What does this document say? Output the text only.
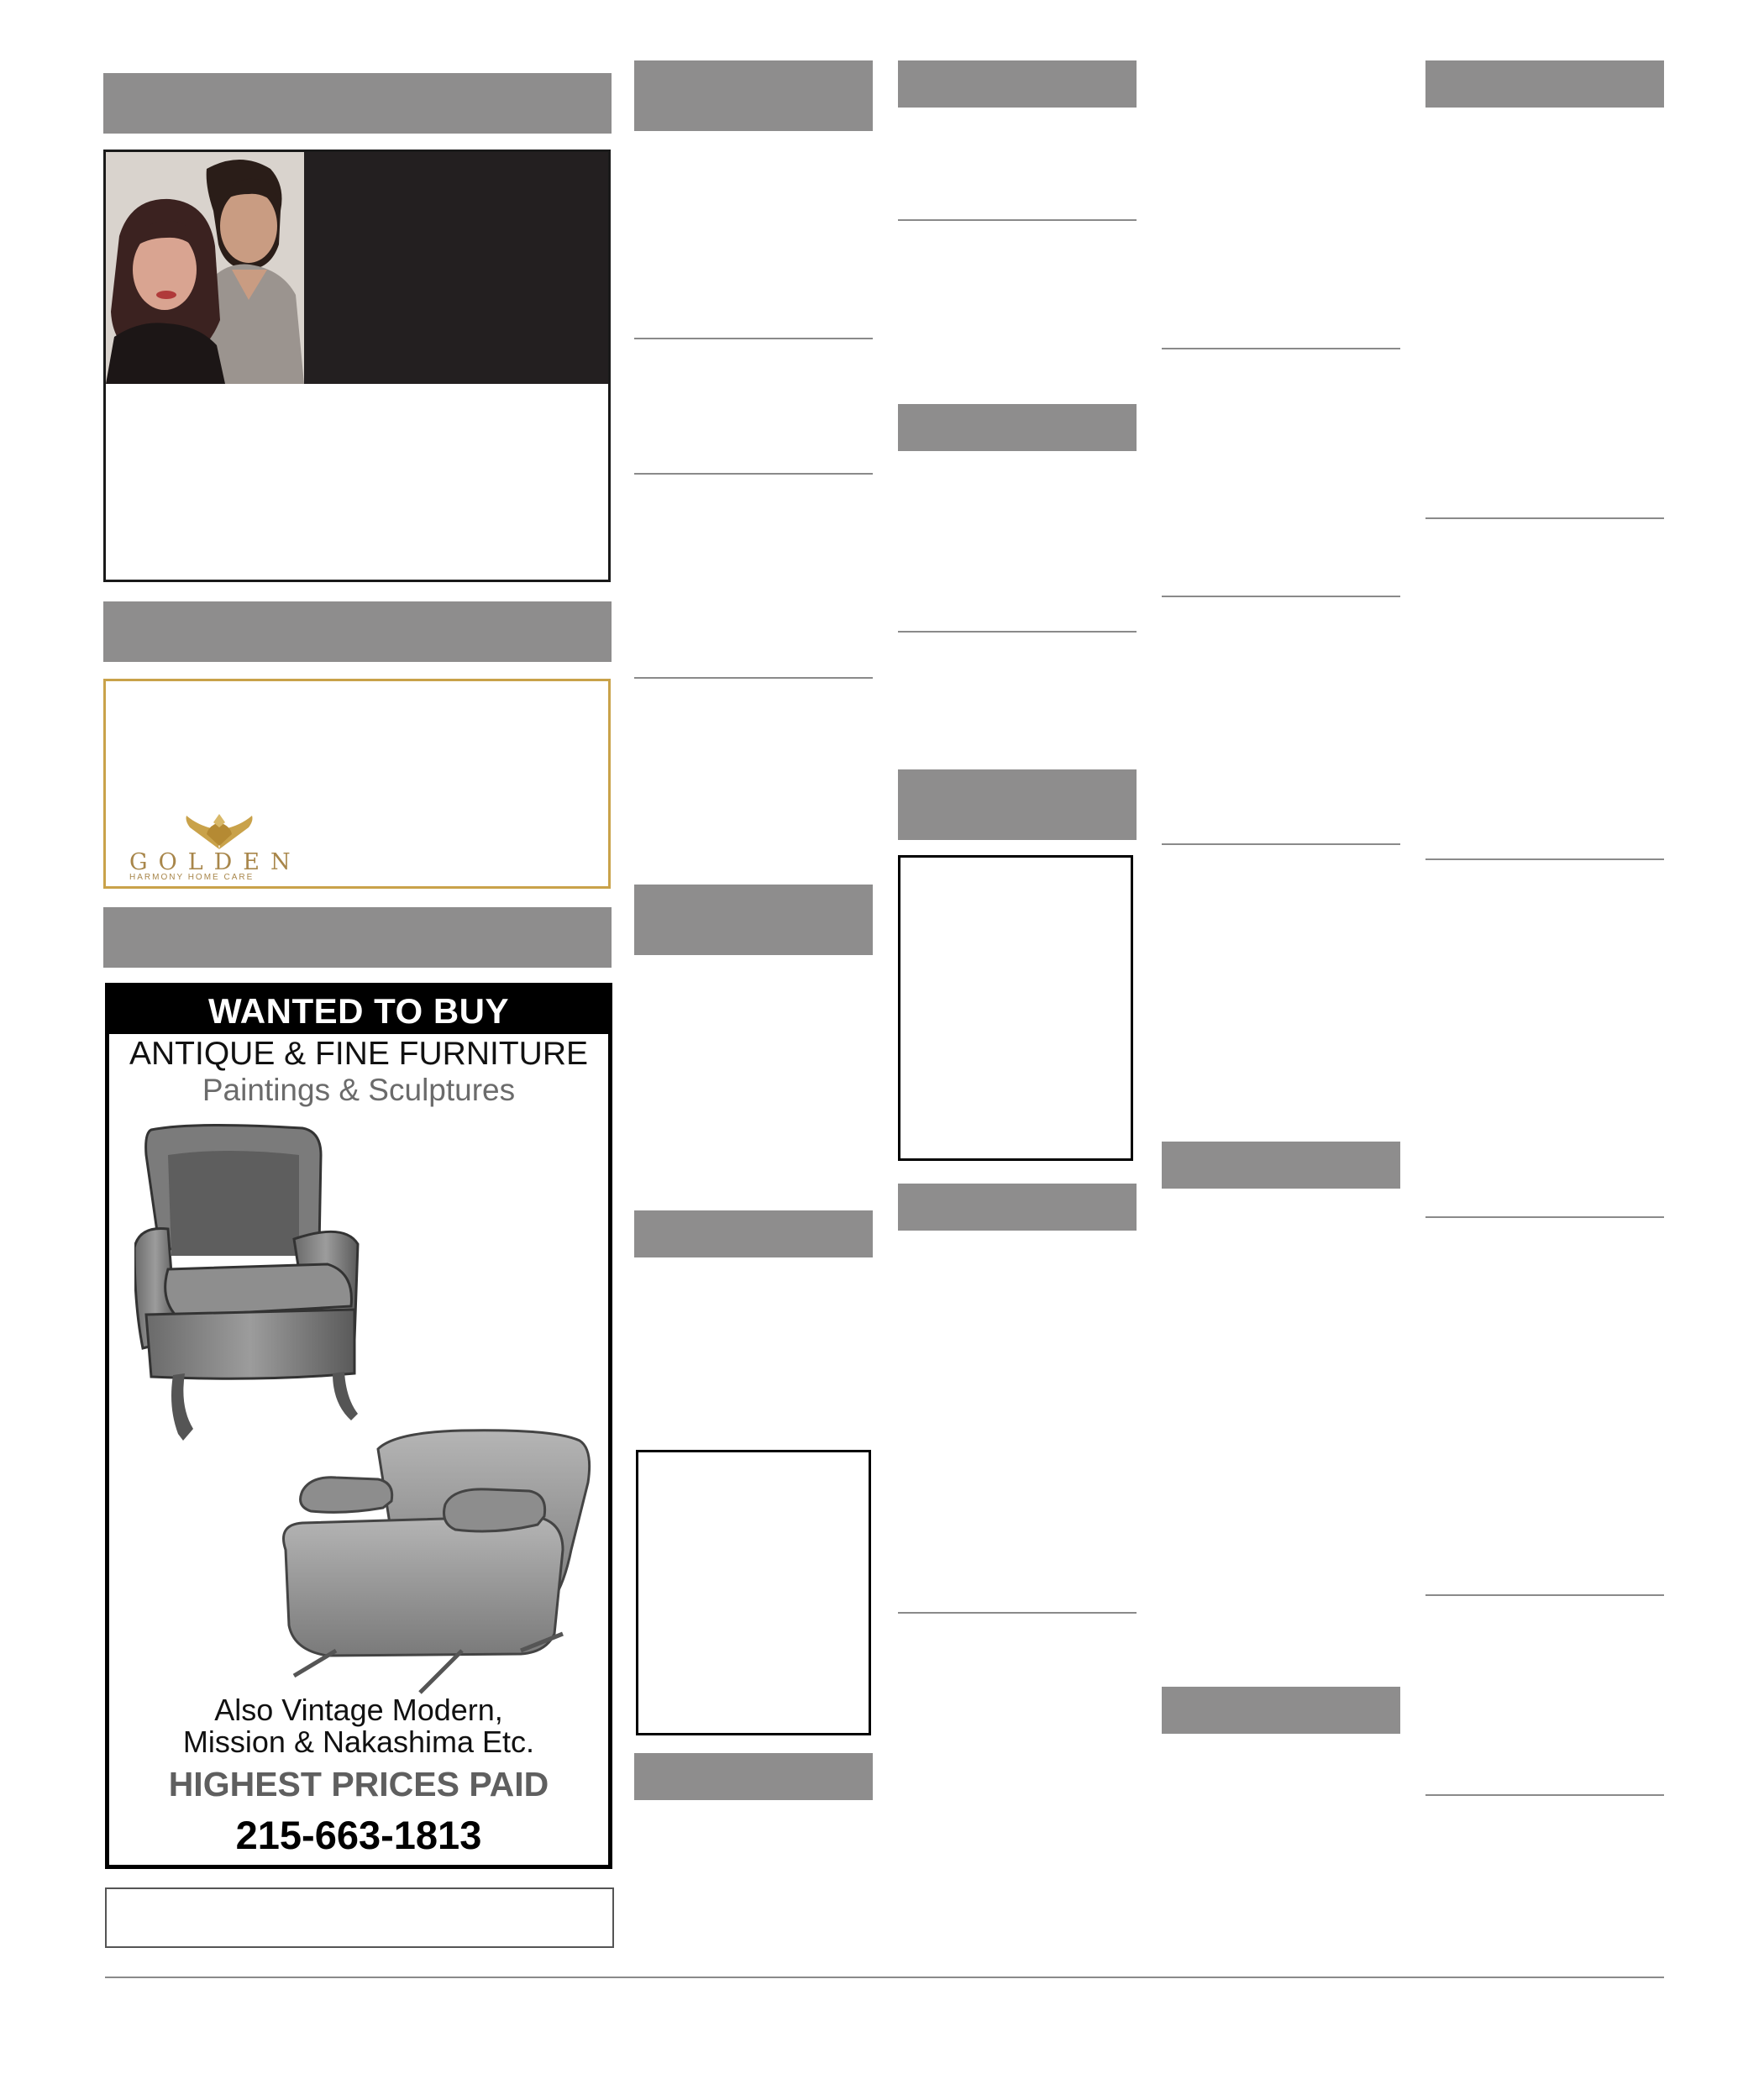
GOLDEN
HARMONY HOME CARE
WANTED TO BUY
ANTIQUE & FINE FURNITURE
Paintings & Sculptures
Also Vintage Modern,
Mission & Nakashima Etc.
HIGHEST PRICES PAID
215-663-1813
